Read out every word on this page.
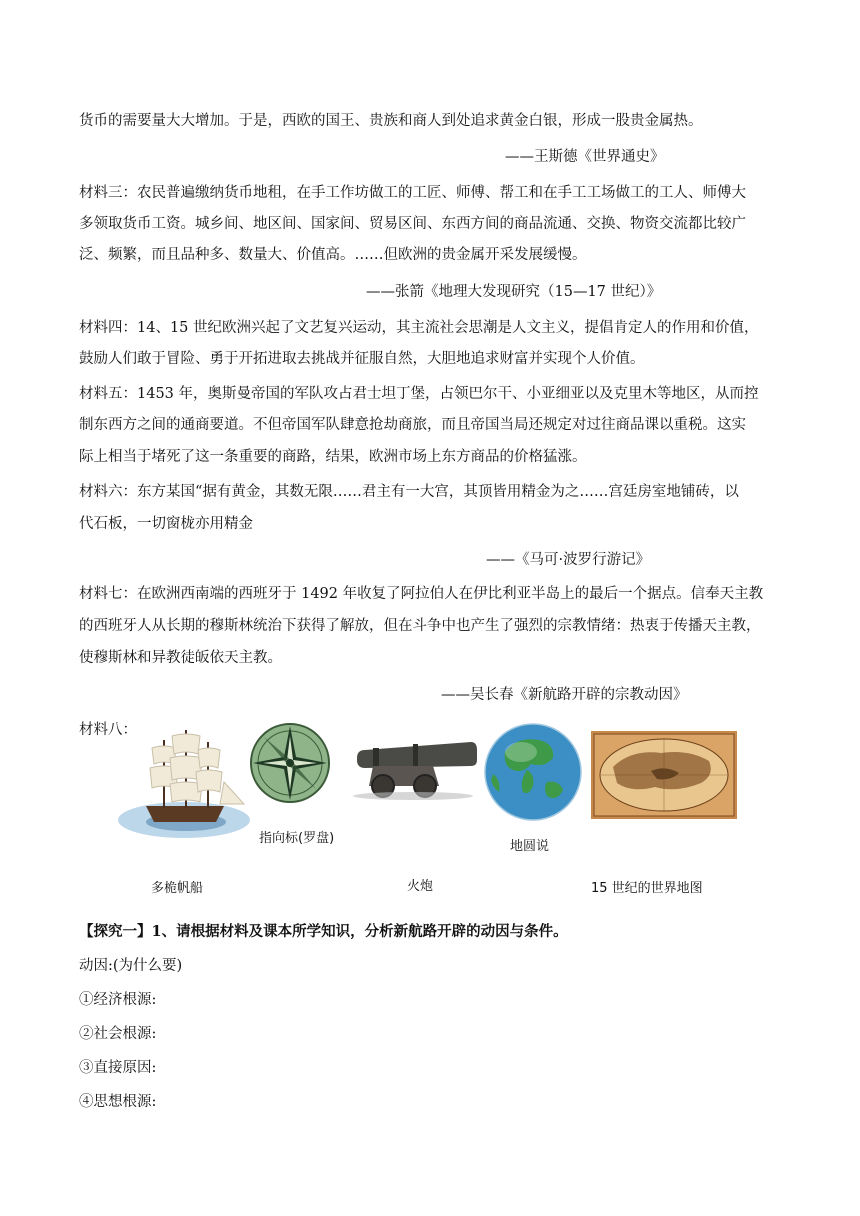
货币的需要量大大增加。于是，西欧的国王、贵族和商人到处追求黄金白银，形成一股贵金属热。
——王斯德《世界通史》
材料三：农民普遍缴纳货币地租，在手工作坊做工的工匠、师傅、帮工和在手工工场做工的工人、师傅大
多领取货币工资。城乡间、地区间、国家间、贸易区间、东西方间的商品流通、交换、物资交流都比较广
泛、频繁，而且品种多、数量大、价值高。……但欧洲的贵金属开采发展缓慢。
——张箭《地理大发现研究（15—17 世纪）》
材料四：14、15 世纪欧洲兴起了文艺复兴运动，其主流社会思潮是人文主义，提倡肯定人的作用和价值，
鼓励人们敢于冒险、勇于开拓进取去挑战并征服自然，大胆地追求财富并实现个人价值。
材料五：1453 年，奥斯曼帝国的军队攻占君士坦丁堡，占领巴尔干、小亚细亚以及克里木等地区，从而控
制东西方之间的通商要道。不但帝国军队肆意抢劫商旅，而且帝国当局还规定对过往商品课以重税。这实
际上相当于堵死了这一条重要的商路，结果，欧洲市场上东方商品的价格猛涨。
材料六：东方某国“据有黄金，其数无限……君主有一大宫，其顶皆用精金为之……宫廷房室地铺砖，以
代石板，一切窗栊亦用精金
——《马可·波罗行游记》
材料七：在欧洲西南端的西班牙于 1492 年收复了阿拉伯人在伊比利亚半岛上的最后一个据点。信奉天主教
的西班牙人从长期的穆斯林统治下获得了解放，但在斗争中也产生了强烈的宗教情绪：热衷于传播天主教，
使穆斯林和异教徒皈依天主教。
——吴长春《新航路开辟的宗教动因》
材料八：
指向标(罗盘)
地圆说
多桅帆船	火炮	15 世纪的世界地图
【探究一】1、请根据材料及课本所学知识，分析新航路开辟的动因与条件。
动因:(为什么要)
①经济根源:
②社会根源:
③直接原因:
④思想根源:
